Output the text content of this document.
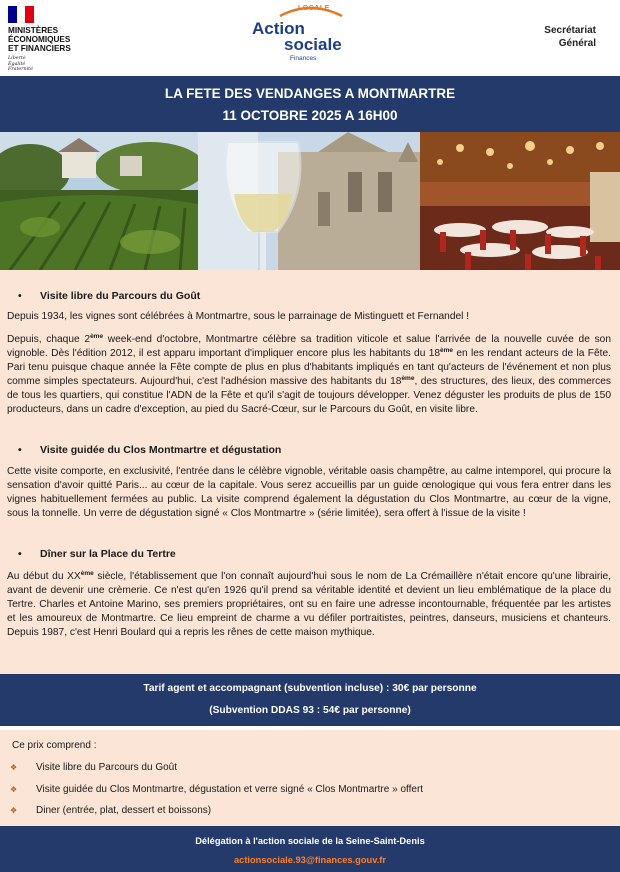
MINISTÈRES
ÉCONOMIQUES
ET FINANCIERS
Liberté
Égalité
Fraternité
LOCALE
Action
sociale
Finances
Secrétariat
Général
LA FETE DES VENDANGES A MONTMARTRE
11 OCTOBRE 2025 A 16H00
• Visite libre du Parcours du Goût
Depuis 1934, les vignes sont célébrées à Montmartre, sous le parrainage de Mistinguett et Fernandel !
Depuis, chaque 2ème week-end d'octobre, Montmartre célèbre sa tradition viticole et salue l'arrivée de la nouvelle cuvée de son vignoble. Dès l'édition 2012, il est apparu important d'impliquer encore plus les habitants du 18ème en les rendant acteurs de la Fête. Pari tenu puisque chaque année la Fête compte de plus en plus d'habitants impliqués en tant qu'acteurs de l'événement et non plus comme simples spectateurs. Aujourd'hui, c'est l'adhésion massive des habitants du 18ème, des structures, des lieux, des commerces de tous les quartiers, qui constitue l'ADN de la Fête et qu'il s'agit de toujours développer. Venez déguster les produits de plus de 150 producteurs, dans un cadre d'exception, au pied du Sacré-Cœur, sur le Parcours du Goût, en visite libre.
• Visite guidée du Clos Montmartre et dégustation
Cette visite comporte, en exclusivité, l'entrée dans le célèbre vignoble, véritable oasis champêtre, au calme intemporel, qui procure la sensation d'avoir quitté Paris... au cœur de la capitale. Vous serez accueillis par un guide œnologique qui vous fera entrer dans les vignes habituellement fermées au public. La visite comprend également la dégustation du Clos Montmartre, au cœur de la vigne, sous la tonnelle. Un verre de dégustation signé « Clos Montmartre » (série limitée), sera offert à l'issue de la visite !
• Dîner sur la Place du Tertre
Au début du XXème siècle, l'établissement que l'on connaît aujourd'hui sous le nom de La Crémaillère n'était encore qu'une librairie, avant de devenir une crèmerie. Ce n'est qu'en 1926 qu'il prend sa véritable identité et devient un lieu emblématique de la place du Tertre. Charles et Antoine Marino, ses premiers propriétaires, ont su en faire une adresse incontournable, fréquentée par les artistes et les amoureux de Montmartre. Ce lieu empreint de charme a vu défiler portraitistes, peintres, danseurs, musiciens et chanteurs. Depuis 1987, c'est Henri Boulard qui a repris les rênes de cette maison mythique.
Tarif agent et accompagnant (subvention incluse) : 30€ par personne
(Subvention DDAS 93 : 54€ par personne)
Ce prix comprend :
❖ Visite libre du Parcours du Goût
❖ Visite guidée du Clos Montmartre, dégustation et verre signé « Clos Montmartre » offert
❖ Diner (entrée, plat, dessert et boissons)
Délégation à l'action sociale de la Seine-Saint-Denis
actionsociale.93@finances.gouv.fr
